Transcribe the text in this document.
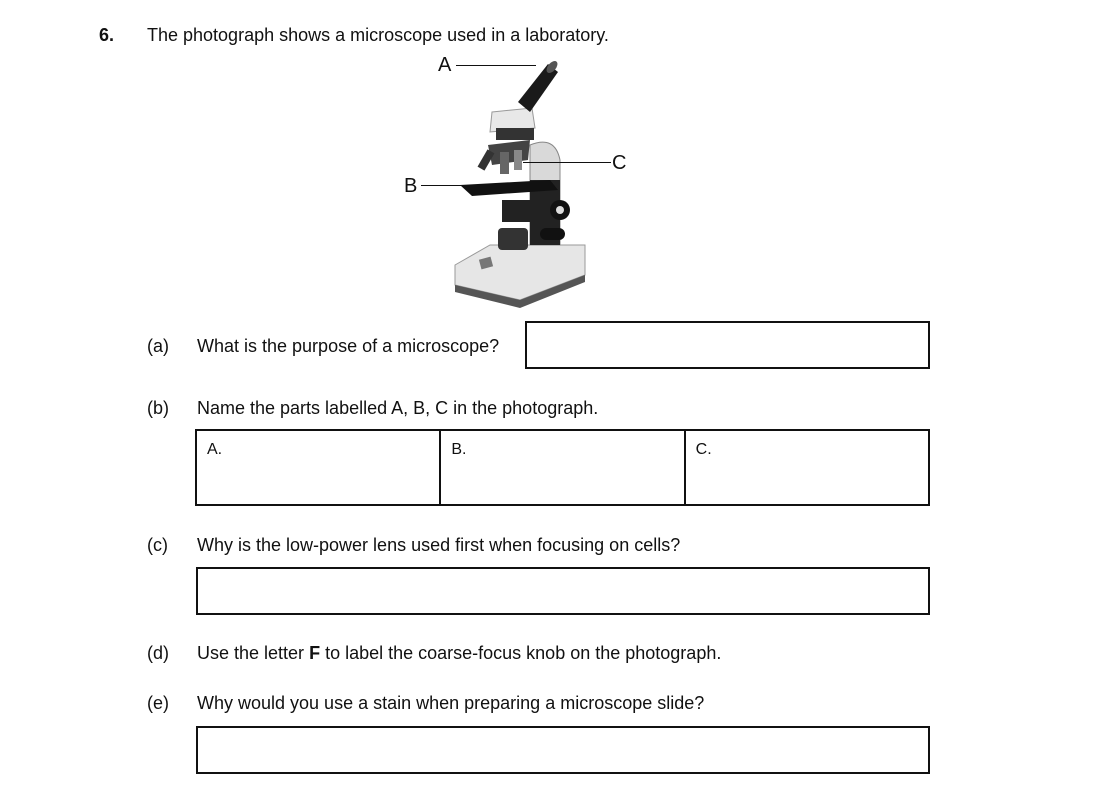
6. The photograph shows a microscope used in a laboratory.
A
B
C
(a) What is the purpose of a microscope?
(b) Name the parts labelled A, B, C in the photograph.
A.	B.	C.
(c) Why is the low-power lens used first when focusing on cells?
(d) Use the letter F to label the coarse-focus knob on the photograph.
(e) Why would you use a stain when preparing a microscope slide?
